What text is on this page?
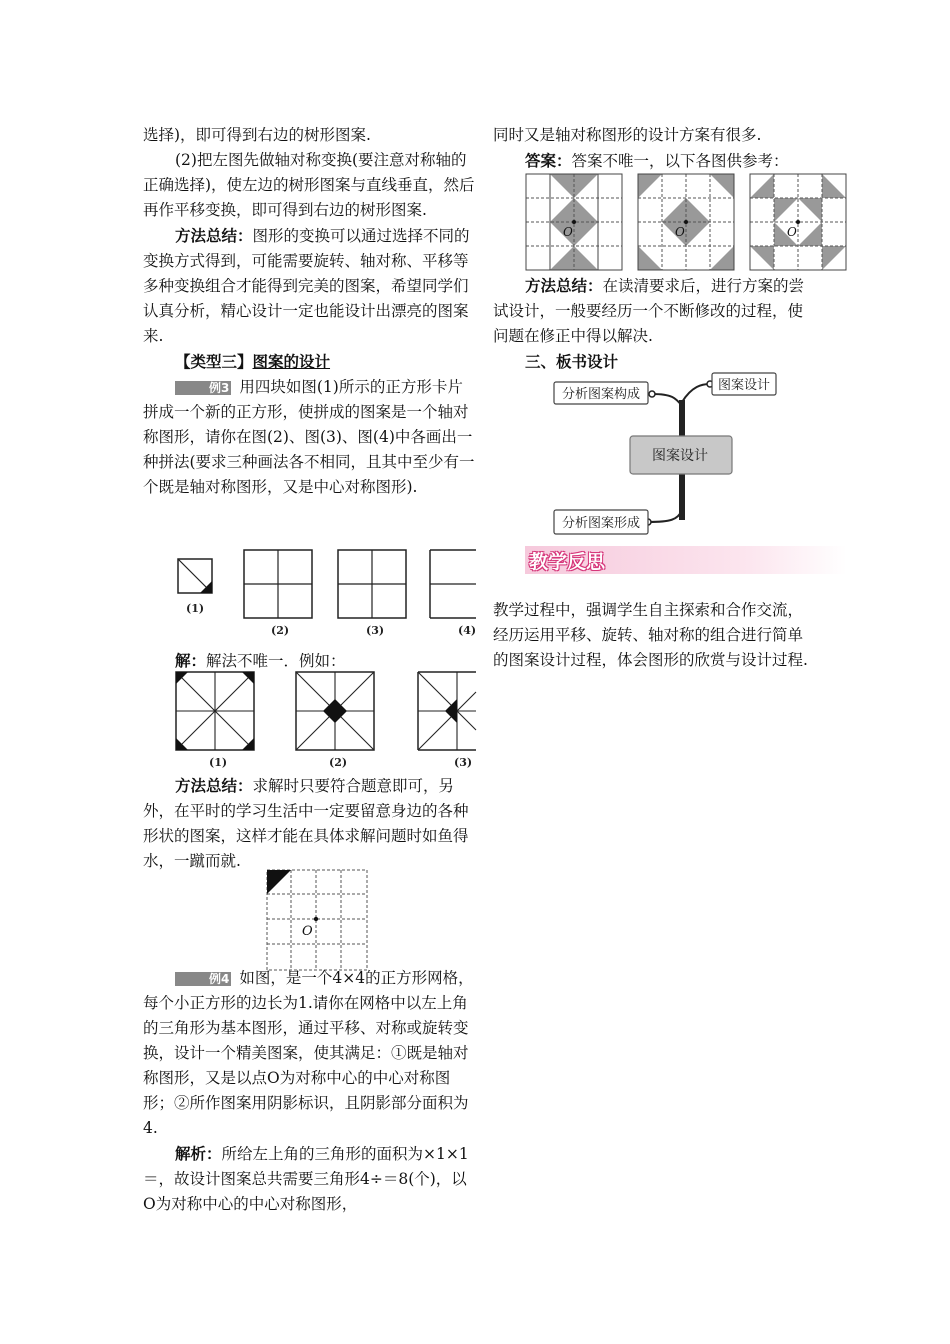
选择)，即可得到右边的树形图案.

(2)把左图先做轴对称变换(要注意对称轴的正确选择)，使左边的树形图案与直线垂直，然后再作平移变换，即可得到右边的树形图案.

方法总结：图形的变换可以通过选择不同的变换方式得到，可能需要旋转、轴对称、平移等多种变换组合才能得到完美的图案，希望同学们认真分析，精心设计一定也能设计出漂亮的图案来.

【类型三】图案的设计

例3 用四块如图(1)所示的正方形卡片拼成一个新的正方形，使拼成的图案是一个轴对称图形，请你在图(2)、图(3)、图(4)中各画出一种拼法(要求三种画法各不相同，且其中至少有一个既是轴对称图形，又是中心对称图形).

(1)
(2)	(3)	(4)

解：解法不唯一．例如：

(1)	(2)	(3)

方法总结：求解时只要符合题意即可，另外，在平时的学习生活中一定要留意身边的各种形状的图案，这样才能在具体求解问题时如鱼得水，一蹴而就.

O

例4 如图，是一个4×4的正方形网格，每个小正方形的边长为1.请你在网格中以左上角的三角形为基本图形，通过平移、对称或旋转变换，设计一个精美图案，使其满足：①既是轴对称图形，又是以点O为对称中心的中心对称图形；②所作图案用阴影标识，且阴影部分面积为4.

解析：所给左上角的三角形的面积为×1×1＝，故设计图案总共需要三角形4÷＝8(个)，以O为对称中心的中心对称图形，

同时又是轴对称图形的设计方案有很多.

答案：答案不唯一，以下各图供参考：

O	O	O

方法总结：在读清要求后，进行方案的尝试设计，一般要经历一个不断修改的过程，使问题在修正中得以解决.

三、板书设计

分析图案构成
图案设计
图案设计
分析图案形成
教学反思

教学过程中，强调学生自主探索和合作交流，经历运用平移、旋转、轴对称的组合进行简单的图案设计过程，体会图形的欣赏与设计过程.
